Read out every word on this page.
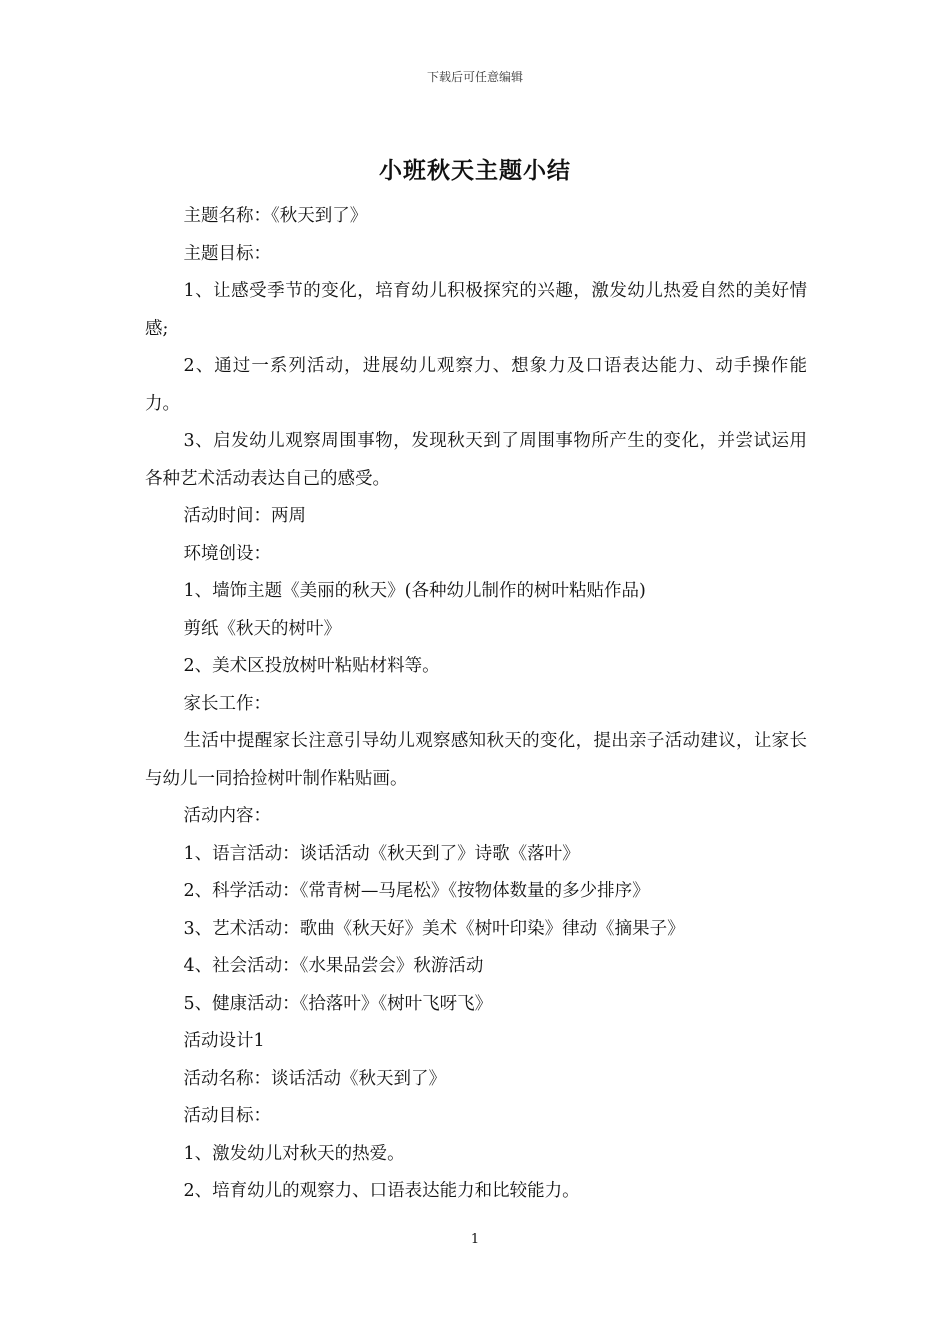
下载后可任意编辑
小班秋天主题小结

主题名称：《秋天到了》

主题目标：

1、让感受季节的变化，培育幼儿积极探究的兴趣，激发幼儿热爱自然的美好情感;

2、通过一系列活动，进展幼儿观察力、想象力及口语表达能力、动手操作能力。

3、启发幼儿观察周围事物，发现秋天到了周围事物所产生的变化，并尝试运用各种艺术活动表达自己的感受。

活动时间：两周

环境创设：

1、墙饰主题《美丽的秋天》(各种幼儿制作的树叶粘贴作品)

剪纸《秋天的树叶》

2、美术区投放树叶粘贴材料等。

家长工作：

生活中提醒家长注意引导幼儿观察感知秋天的变化，提出亲子活动建议，让家长与幼儿一同拾捡树叶制作粘贴画。

活动内容：

1、语言活动：谈话活动《秋天到了》诗歌《落叶》

2、科学活动：《常青树—马尾松》《按物体数量的多少排序》

3、艺术活动：歌曲《秋天好》美术《树叶印染》律动《摘果子》

4、社会活动：《水果品尝会》秋游活动

5、健康活动：《拾落叶》《树叶飞呀飞》

活动设计1

活动名称：谈话活动《秋天到了》

活动目标：

1、激发幼儿对秋天的热爱。

2、培育幼儿的观察力、口语表达能力和比较能力。

1
